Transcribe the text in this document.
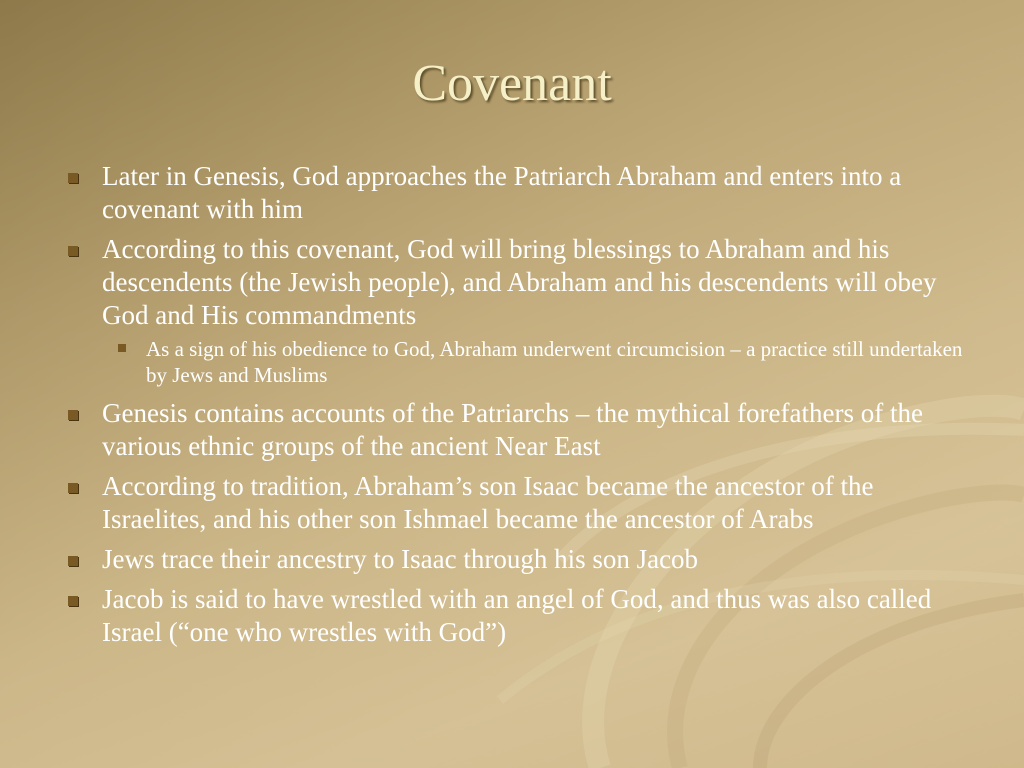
Covenant
Later in Genesis, God approaches the Patriarch Abraham and enters into a covenant with him
According to this covenant, God will bring blessings to Abraham and his descendents (the Jewish people), and Abraham and his descendents will obey God and His commandments
As a sign of his obedience to God, Abraham underwent circumcision – a practice still undertaken by Jews and Muslims
Genesis contains accounts of the Patriarchs – the mythical forefathers of the various ethnic groups of the ancient Near East
According to tradition, Abraham’s son Isaac became the ancestor of the Israelites, and his other son Ishmael became the ancestor of Arabs
Jews trace their ancestry to Isaac through his son Jacob
Jacob is said to have wrestled with an angel of God, and thus was also called Israel (“one who wrestles with God”)
